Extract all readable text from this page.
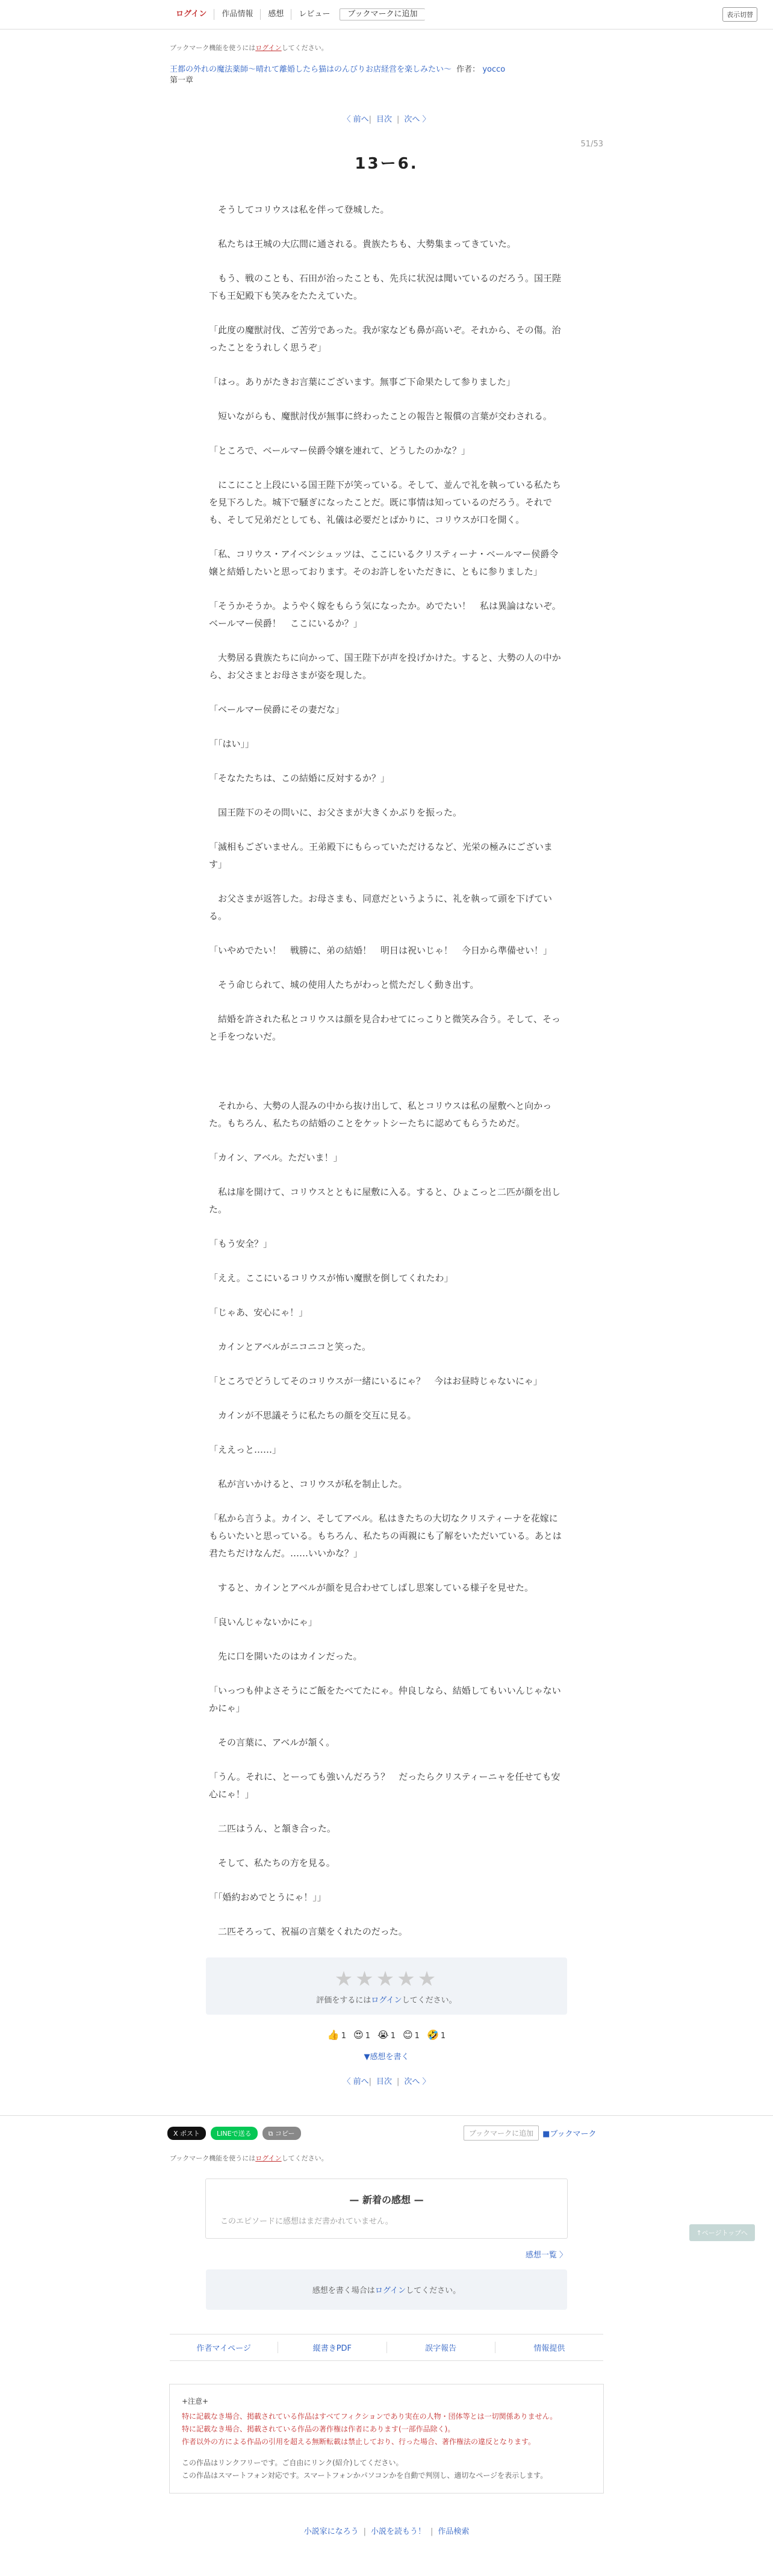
ログイン	作品情報	感想	レビュー	ブックマークに追加	表示切替
ブックマーク機能を使うにはログインしてください。
王都の外れの魔法薬師〜晴れて離婚したら猫はのんびりお店経営を楽しみたい〜 作者： yocco
第一章
〈 前へ| 目次 | 次へ 〉
51/53
13ー6.

　そうしてコリウスは私を伴って登城した。

　私たちは王城の大広間に通される。貴族たちも、大勢集まってきていた。

　もう、戦のことも、石田が治ったことも、先兵に状況は聞いているのだろう。国王陛下も王妃殿下も笑みをたたえていた。

「此度の魔獣討伐、ご苦労であった。我が家なども鼻が高いぞ。それから、その傷。治ったことをうれしく思うぞ」

「はっ。ありがたきお言葉にございます。無事ご下命果たして参りました」

　短いながらも、魔獣討伐が無事に終わったことの報告と報償の言葉が交わされる。

「ところで、ベールマー侯爵令嬢を連れて、どうしたのかな？」

　にこにこと上段にいる国王陛下が笑っている。そして、並んで礼を執っている私たちを見下ろした。城下で騒ぎになったことだ。既に事情は知っているのだろう。それでも、そして兄弟だとしても、礼儀は必要だとばかりに、コリウスが口を開く。

「私、コリウス・アイベンシュッツは、ここにいるクリスティーナ・ベールマー侯爵令嬢と結婚したいと思っております。そのお許しをいただきに、ともに参りました」

「そうかそうか。ようやく嫁をもらう気になったか。めでたい！　私は異論はないぞ。ベールマー侯爵！　ここにいるか？」

　大勢居る貴族たちに向かって、国王陛下が声を投げかけた。すると、大勢の人の中から、お父さまとお母さまが姿を現した。

「ベールマー侯爵にその妻だな」

「「はい」」

「そなたたちは、この結婚に反対するか？」

　国王陛下のその問いに、お父さまが大きくかぶりを振った。

「滅相もございません。王弟殿下にもらっていただけるなど、光栄の極みにございます」

　お父さまが返答した。お母さまも、同意だというように、礼を執って頭を下げている。

「いやめでたい！　戦勝に、弟の結婚！　明日は祝いじゃ！　今日から準備せい！」

　そう命じられて、城の使用人たちがわっと慌ただしく動き出す。

　結婚を許された私とコリウスは顔を見合わせてにっこりと微笑み合う。そして、そっと手をつないだ。

　それから、大勢の人混みの中から抜け出して、私とコリウスは私の屋敷へと向かった。もちろん、私たちの結婚のことをケットシーたちに認めてもらうためだ。

「カイン、アベル。ただいま！」

　私は扉を開けて、コリウスとともに屋敷に入る。すると、ひょこっと二匹が顔を出した。

「もう安全？」

「ええ。ここにいるコリウスが怖い魔獣を倒してくれたわ」

「じゃあ、安心にゃ！」

　カインとアベルがニコニコと笑った。

「ところでどうしてそのコリウスが一緒にいるにゃ？　今はお昼時じゃないにゃ」

　カインが不思議そうに私たちの顔を交互に見る。

「ええっと……」

　私が言いかけると、コリウスが私を制止した。

「私から言うよ。カイン、そしてアベル。私はきたちの大切なクリスティーナを花嫁にもらいたいと思っている。もちろん、私たちの両親にも了解をいただいている。あとは君たちだけなんだ。……いいかな？」

　すると、カインとアベルが顔を見合わせてしばし思案している様子を見せた。

「良いんじゃないかにゃ」

　先に口を開いたのはカインだった。

「いっつも仲よさそうにご飯をたべてたにゃ。仲良しなら、結婚してもいいんじゃないかにゃ」

　その言葉に、アベルが頷く。

「うん。それに、とーっても強いんだろう？　だったらクリスティーニャを任せても安心にゃ！」

　二匹はうん、と頷き合った。

　そして、私たちの方を見る。

「「婚約おめでとうにゃ！」」

　二匹そろって、祝福の言葉をくれたのだった。

★★★★★
評価をするにはログインしてください。
👍 1 😍 1 😭 1 😊 1 🤣 1
▼感想を書く
〈 前へ| 目次 | 次へ 〉
X ポスト	LINEで送る	⧉ コピー	ブックマークに追加	■ブックマーク
ブックマーク機能を使うにはログインしてください。
— 新着の感想 —
このエピソードに感想はまだ書かれていません。
感想一覧 〉
感想を書く場合はログインしてください。
作者マイページ	縦書きPDF	誤字報告	情報提供
+注意+
特に記載なき場合、掲載されている作品はすべてフィクションであり実在の人物・団体等とは一切関係ありません。
特に記載なき場合、掲載されている作品の著作権は作者にあります(一部作品除く)。
作者以外の方による作品の引用を超える無断転載は禁止しており、行った場合、著作権法の違反となります。
この作品はリンクフリーです。ご自由にリンク(紹介)してください。
この作品はスマートフォン対応です。スマートフォンかパソコンかを自動で判別し、適切なページを表示します。
小説家になろう | 小説を読もう！ | 作品検索
↑ページトップへ
